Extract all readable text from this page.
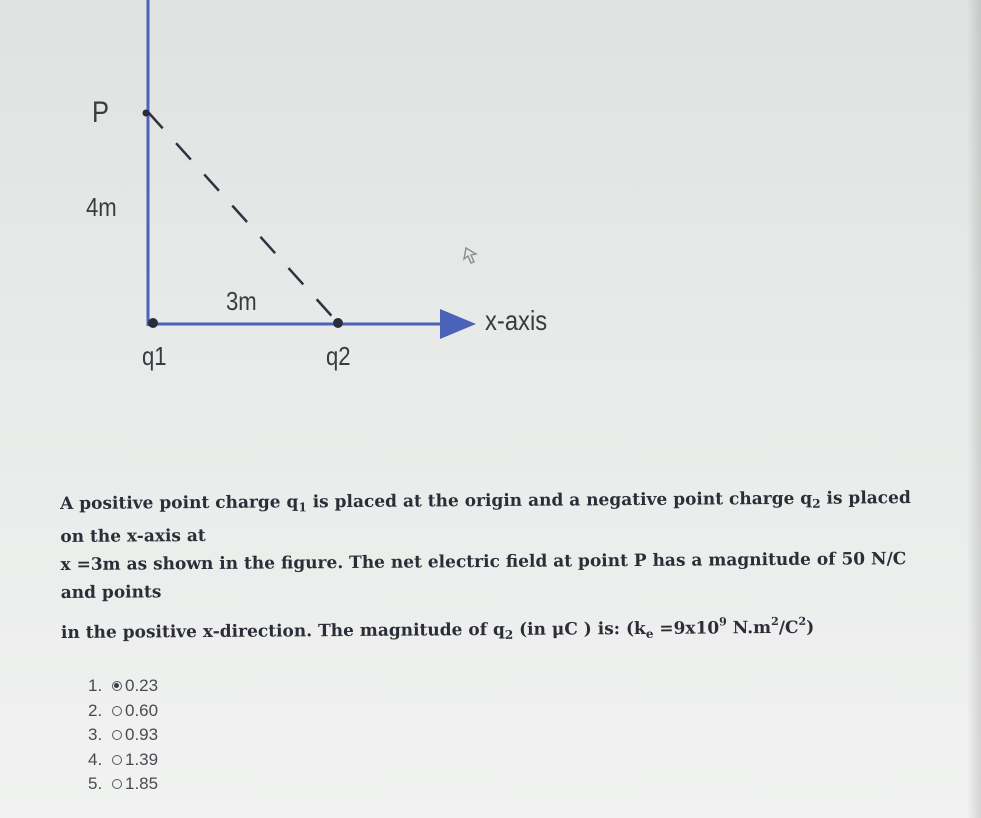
P
4m
3m
x-axis
q1	q2
A positive point charge $q_1$ is placed at the origin and a negative point charge $q_2$ is placed
on the x-axis at
x =3m as shown in the figure. The net electric field at point P has a magnitude of 50 N/C
and points
in the positive x-direction. The magnitude of $q_2$ (in μC ) is: ($k_e =9x10^9$ $N.m^2/C^2$)
1.	0.23
2.	0.60
3.	0.93
4.	1.39
5.	1.85
